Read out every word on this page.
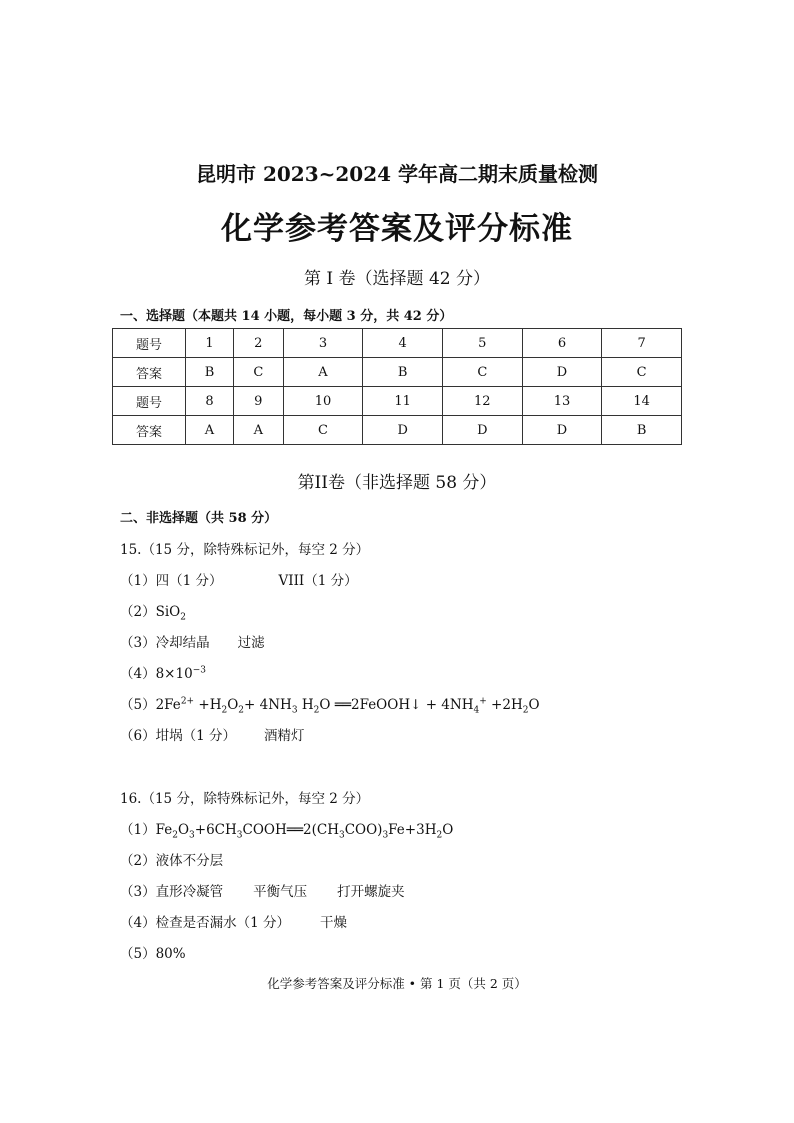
昆明市 2023~2024 学年高二期末质量检测
化学参考答案及评分标准
第 I 卷（选择题 42 分）
一、选择题（本题共 14 小题，每小题 3 分，共 42 分）
题号	1	2	3	4	5	6	7
答案	B	C	A	B	C	D	C
题号	8	9	10	11	12	13	14
答案	A	A	C	D	D	D	B
第II卷（非选择题 58 分）
二、非选择题（共 58 分）
15.（15 分，除特殊标记外，每空 2 分）
（1）四（1 分）	VIII（1 分）
（2）SiO$_2$
（3）冷却结晶 过滤
$(4)8\times 10^{-3}$
$(5)2Fe^{2+} +H_2O_2+ 4NH_3$ $H_2O$ ══2FeOOH↓ + $4NH_4^+ +2H_2O$
（6）坩埚（1 分） 酒精灯
16.（15 分，除特殊标记外，每空 2 分）
$(1)Fe_2O_3+6CH_3COOH══2(CH_3COO)_3Fe+3H_2O$
（2）液体不分层
（3）直形冷凝管 平衡气压 打开螺旋夹
（4）检查是否漏水（1 分） 干燥
（5）80%
化学参考答案及评分标准 • 第 1 页（共 2 页）
